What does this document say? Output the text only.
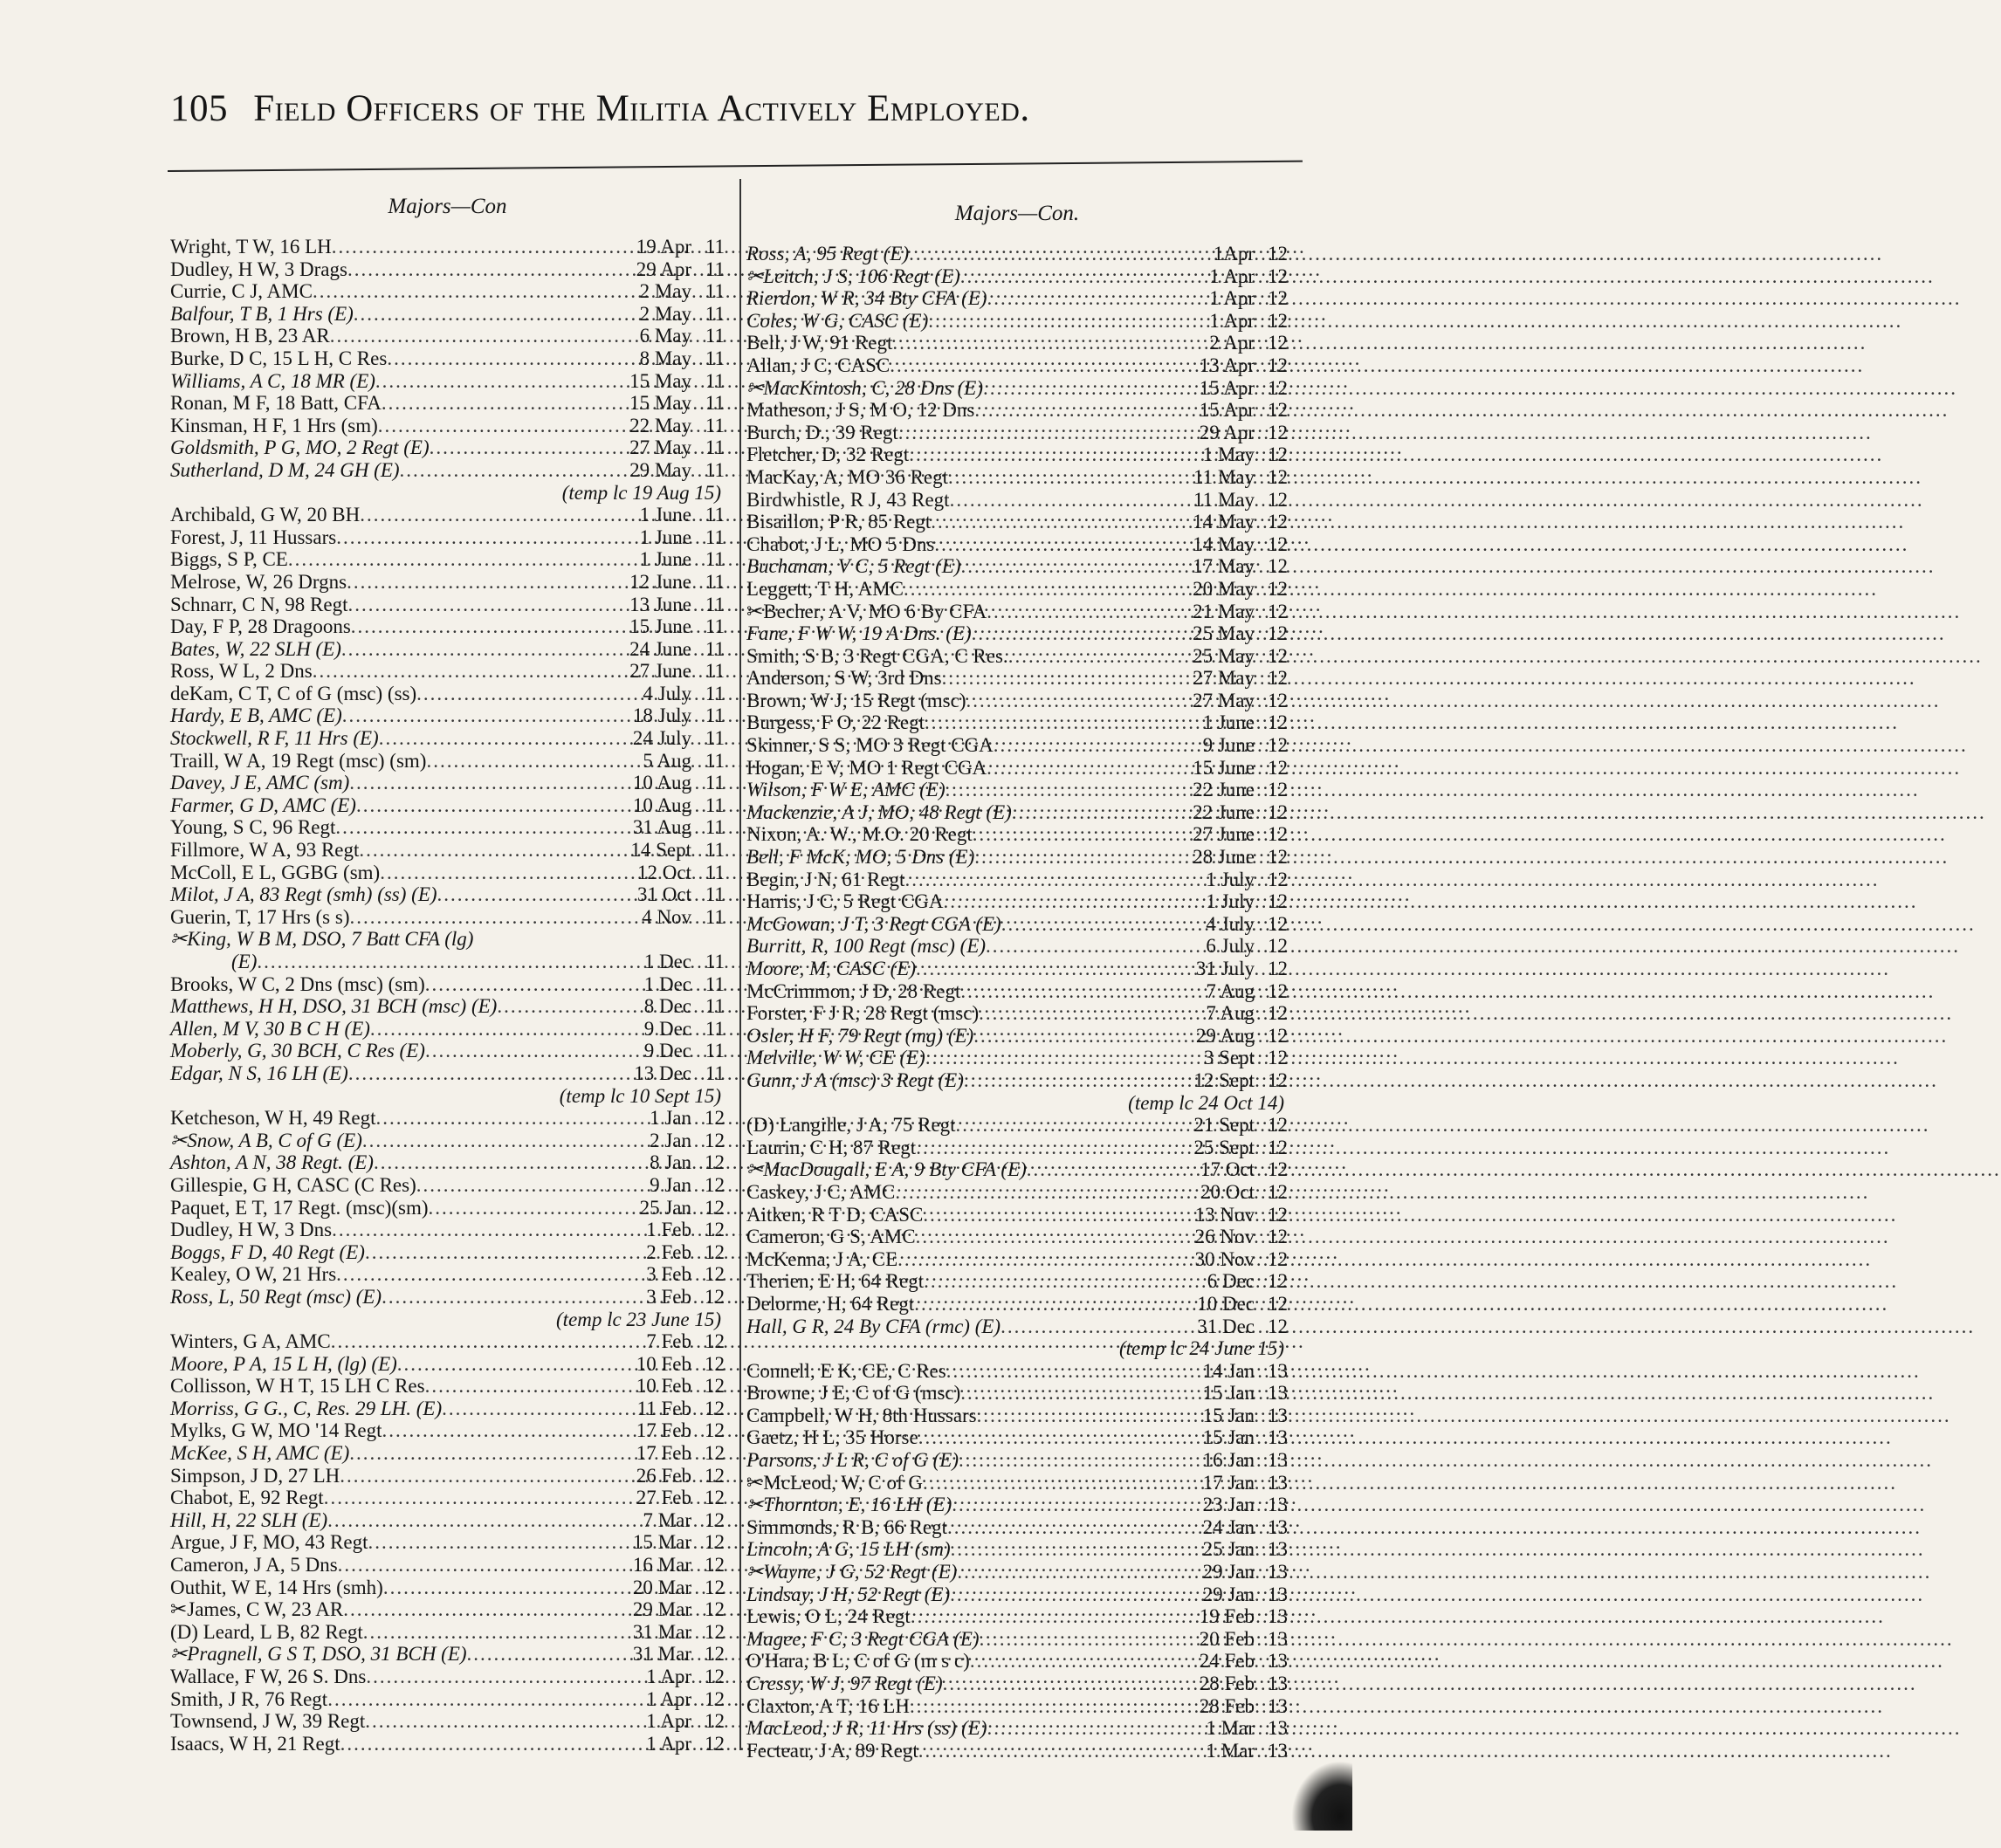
105 Field Officers of the Militia Actively Employed.
Majors—Con
Wright, T W, 16 LH .....	19 Apr 11
Dudley, H W, 3 Drags .....	29 Apr 11
Currie, C J, AMC .....	2 May 11
Balfour, T B, 1 Hrs (E) .....	2 May 11
Brown, H B, 23 AR .....	6 May 11
Burke, D C, 15 L H, C Res .....	8 May 11
Williams, A C, 18 MR (E) .....	15 May 11
Ronan, M F, 18 Batt, CFA .....	15 May 11
Kinsman, H F, 1 Hrs (sm) .....	22 May 11
Goldsmith, P G, MO, 2 Regt (E) .....	27 May 11
Sutherland, D M, 24 GH (E) .....	29 May 11
(temp lc 19 Aug 15)
Archibald, G W, 20 BH .....	1 June 11
Forest, J, 11 Hussars .....	1 June 11
Biggs, S P, CE .....	1 June 11
Melrose, W, 26 Drgns .....	12 June 11
Schnarr, C N, 98 Regt .....	13 June 11
Day, F P, 28 Dragoons .....	15 June 11
Bates, W, 22 SLH (E) .....	24 June 11
Ross, W L, 2 Dns .....	27 June 11
deKam, C T, C of G (msc) (ss) .....	4 July 11
Hardy, E B, AMC (E) .....	18 July 11
Stockwell, R F, 11 Hrs (E) .....	24 July 11
Traill, W A, 19 Regt (msc) (sm) .....	5 Aug 11
Davey, J E, AMC (sm) .....	10 Aug 11
Farmer, G D, AMC (E) .....	10 Aug 11
Young, S C, 96 Regt .....	31 Aug 11
Fillmore, W A, 93 Regt .....	14 Sept 11
McColl, E L, GGBG (sm) .....	12 Oct 11
Milot, J A, 83 Regt (smh) (ss) (E) .....	31 Oct 11
Guerin, T, 17 Hrs (s s) .....	4 Nov 11
✂King, W B M, DSO, 7 Batt CFA (lg)
(E) .....	1 Dec 11
Brooks, W C, 2 Dns (msc) (sm) .....	1 Dec 11
Matthews, H H, DSO, 31 BCH (msc) (E) .....	8 Dec 11
Allen, M V, 30 B C H (E) .....	9 Dec 11
Moberly, G, 30 BCH, C Res (E) .....	9 Dec 11
Edgar, N S, 16 LH (E) .....	13 Dec 11
(temp lc 10 Sept 15)
Ketcheson, W H, 49 Regt .....	1 Jan 12
✂Snow, A B, C of G (E) .....	2 Jan 12
Ashton, A N, 38 Regt. (E) .....	8 Jan 12
Gillespie, G H, CASC (C Res) .....	9 Jan 12
Paquet, E T, 17 Regt. (msc)(sm) .....	25 Jan 12
Dudley, H W, 3 Dns .....	1 Feb 12
Boggs, F D, 40 Regt (E) .....	2 Feb 12
Kealey, O W, 21 Hrs .....	3 Feb 12
Ross, L, 50 Regt (msc) (E) .....	3 Feb 12
(temp lc 23 June 15)
Winters, G A, AMC .....	7 Feb 12
Moore, P A, 15 L H, (lg) (E) .....	10 Feb 12
Collisson, W H T, 15 LH C Res .....	10 Feb 12
Morriss, G G., C, Res. 29 LH. (E) .....	11 Feb 12
Mylks, G W, MO '14 Regt .....	17 Feb 12
McKee, S H, AMC (E) .....	17 Feb 12
Simpson, J D, 27 LH .....	26 Feb 12
Chabot, E, 92 Regt .....	27 Feb 12
Hill, H, 22 SLH (E) .....	7 Mar 12
Argue, J F, MO, 43 Regt .....	15 Mar 12
Cameron, J A, 5 Dns .....	16 Mar 12
Outhit, W E, 14 Hrs (smh) .....	20 Mar 12
✂James, C W, 23 AR .....	29 Mar 12
(D) Leard, L B, 82 Regt .....	31 Mar 12
✂Pragnell, G S T, DSO, 31 BCH (E) .....	31 Mar 12
Wallace, F W, 26 S. Dns .....	1 Apr 12
Smith, J R, 76 Regt .....	1 Apr 12
Townsend, J W, 39 Regt .....	1 Apr 12
Isaacs, W H, 21 Regt .....	1 Apr 12
Majors—Con.
Ross, A, 95 Regt (E) .....	1Apr 12
✂Leitch, J S, 106 Regt (E) .....	1 Apr 12
Rierdon, W R, 34 Bty CFA (E) .....	1 Apr 12
Coles, W G, CASC (E) .....	1 Apr 12
Bell, J W, 91 Regt .....	2 Apr 12
Allan, J C, CASC .....	13 Apr 12
✂MacKintosh, C, 28 Dns (E) .....	15 Apr 12
Matheson, J S, M O, 12 Dns .....	15 Apr 12
Burch, D., 39 Regt .....	29 Apr 12
Fletcher, D, 32 Regt .....	1 May 12
MacKay, A, MO 36 Regt .....	11 May 12
Birdwhistle, R J, 43 Regt .....	11 May 12
Bisaillon, P R, 85 Regt .....	14 May 12
Chabot, J L, MO 5 Dns .....	14 May 12
Buchanan, V C, 5 Regt (E) .....	17 May 12
Leggett, T H, AMC .....	20 May 12
✂Becher, A V, MO 6 By CFA .....	21 May 12
Fane, F W W, 19 A Dns. (E) .....	25 May 12
Smith, S B, 3 Regt CGA, C Res. .....	25 May 12
Anderson, S W, 3rd Dns .....	27 May 12
Brown, W J, 15 Regt (msc) .....	27 May 12
Burgess, F O, 22 Regt .....	1 June 12
Skinner, S S, MO 3 Regt CGA .....	9 June 12
Hogan, E V, MO 1 Regt CGA .....	15 June 12
Wilson, F W E, AMC (E) .....	22 June 12
Mackenzie, A J, MO, 48 Regt (E) .....	22 June 12
Nixon, A. W., M.O. 20 Regt .....	27 June 12
Bell, F McK, MO, 5 Dns (E) .....	28 June 12
Begin, J N, 61 Regt .....	1 July 12
Harris, J C, 5 Regt CGA .....	1 July 12
McGowan, J T, 3 Regt CGA (E) .....	4 July 12
Burritt, R, 100 Regt (msc) (E) .....	6 July 12
Moore, M, CASC (E) .....	31 July 12
McCrimmon, J D, 28 Regt .....	7 Aug 12
Forster, F J R, 28 Regt (msc) .....	7 Aug 12
Osler, H F, 79 Regt (mg) (E) .....	29 Aug 12
Melville, W W, CE (E) .....	3 Sept 12
Gunn, J A (msc) 3 Regt (E) .....	12 Sept 12
(temp lc 24 Oct 14)
(D) Langille, J A, 75 Regt .....	21 Sept 12
Laurin, C H, 87 Regt .....	25 Sept 12
✂MacDougall, E A, 9 Bty CFA (E) .....	17 Oct 12
Caskey, J C, AMC .....	20 Oct 12
Aitken, R T D, CASC .....	13 Nov 12
Cameron, G S, AMC .....	26 Nov 12
McKenna, J A, CE .....	30 Nov 12
Therien, E H, 64 Regt .....	6 Dec 12
Delorme, H, 64 Regt .....	10 Dec 12
Hall, G R, 24 By CFA (rmc) (E) .....	31 Dec 12
(temp lc 24 June 15)
Connell, E K, CE, C Res .....	14 Jan 13
Browne, J E, C of G (msc) .....	15 Jan 13
Campbell, W H, 8th Hussars .....	15 Jan 13
Gaetz, H L, 35 Horse .....	15 Jan 13
Parsons, J L R, C of G (E) .....	16 Jan 13
✂McLeod, W, C of G .....	17 Jan 13
✂Thornton, E, 16 LH (E) .....	23 Jan 13
Simmonds, R B, 66 Regt .....	24 Jan 13
Lincoln, A G, 15 LH (sm) .....	25 Jan 13
✂Wayne, J G, 52 Regt (E) .....	29 Jan 13
Lindsay, J H, 52 Regt (E) .....	29 Jan 13
Lewis, O L, 24 Regt .....	19 Feb 13
Magee, F C, 3 Regt CGA (E) .....	20 Feb 13
O'Hara, B L, C of G (m s c) .....	24 Feb 13
Cressy, W J, 97 Regt (E) .....	28 Feb 13
Claxton, A T, 16 LH .....	28 Feb 13
MacLeod, J R, 11 Hrs (ss) (E) .....	1 Mar 13
Fecteau, J A, 89 Regt .....	1 Mar 13
